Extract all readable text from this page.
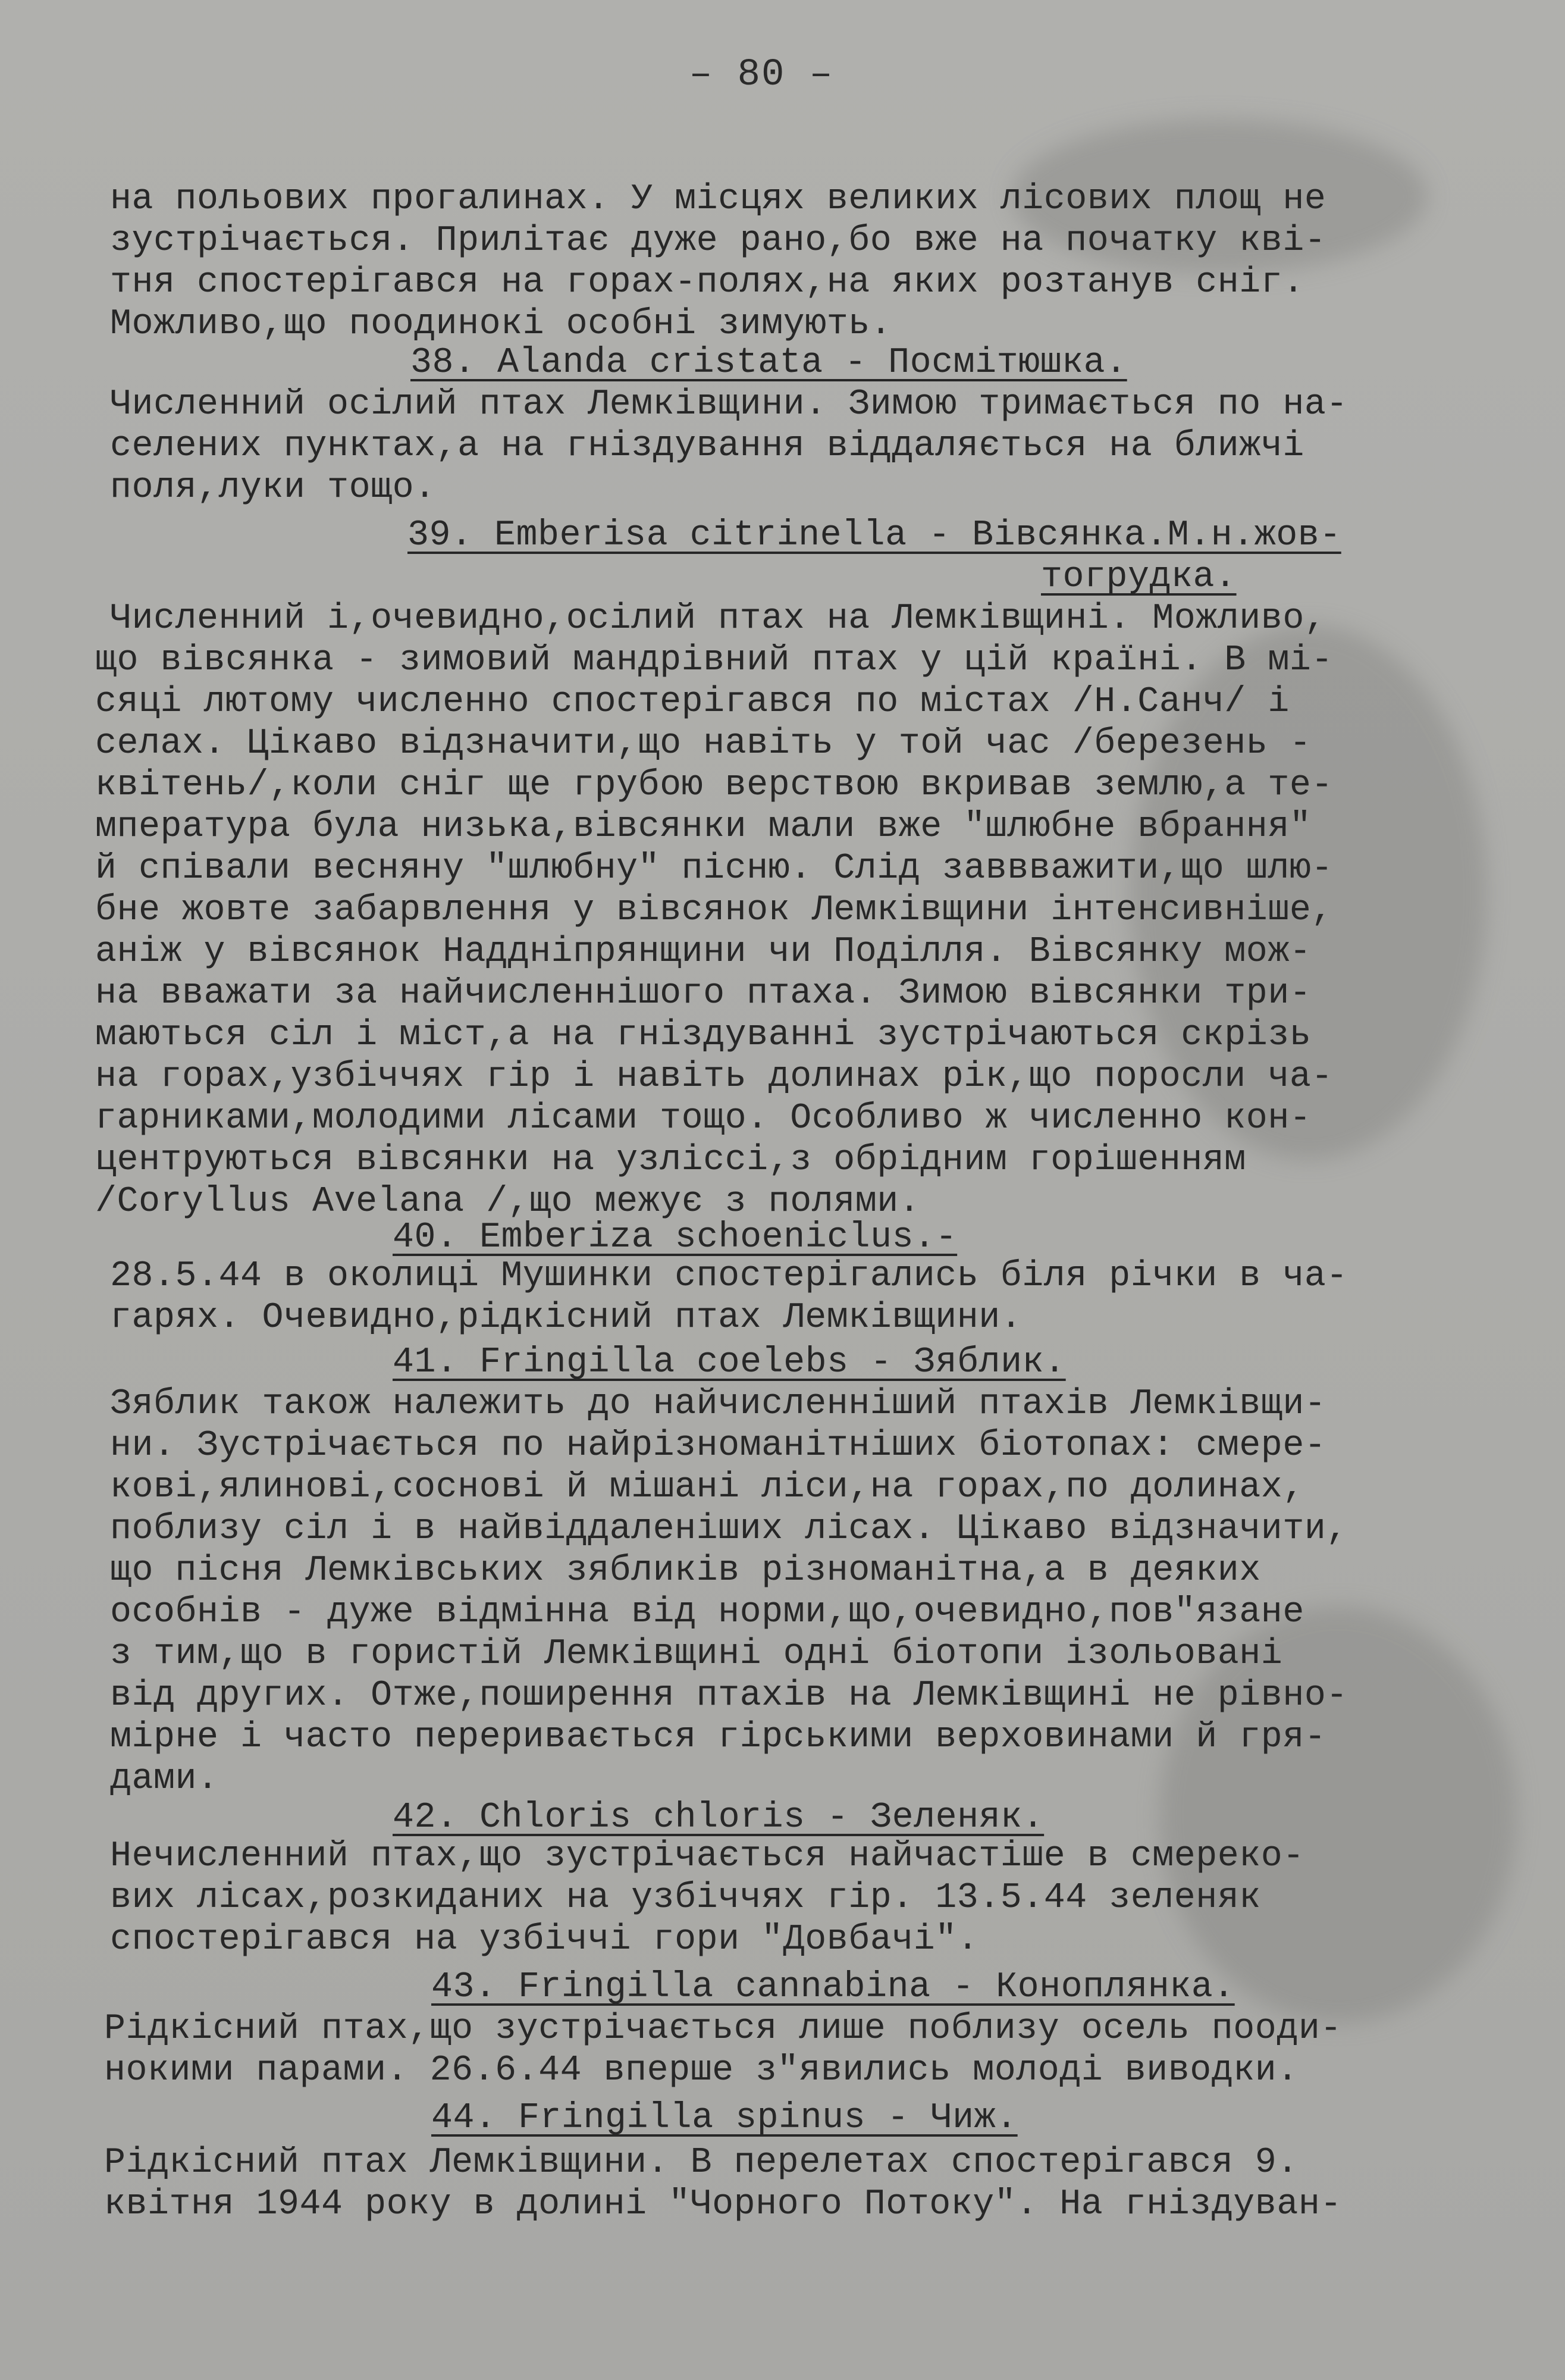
– 80 –
на польових прогалинах. У місцях великих лісових площ не
зустрічається. Прилітає дуже рано,бо вже на початку кві-
тня спостерігався на горах-полях,на яких розтанув сніг.
Можливо,що поодинокі особні зимують.
38. Alanda cristata - Посмітюшка.
Численний осілий птах Лемківщини. Зимою тримається по на-
селених пунктах,а на гніздування віддаляється на ближчі
поля,луки тощо.
39. Emberisa citrinella - Вівсянка.М.н.жов-
тогрудка.
Численний і,очевидно,осілий птах на Лемківщині. Можливо,
що вівсянка - зимовий мандрівний птах у цій країні. В мі-
сяці лютому численно спостерігався по містах /Н.Санч/ і
селах. Цікаво відзначити,що навіть у той час /березень -
квітень/,коли сніг ще грубою верствою вкривав землю,а те-
мпература була низька,вівсянки мали вже "шлюбне вбрання"
й співали весняну "шлюбну" пісню. Слід заввважити,що шлю-
бне жовте забарвлення у вівсянок Лемківщини інтенсивніше,
аніж у вівсянок Наддніпрянщини чи Поділля. Вівсянку мож-
на вважати за найчисленнішого птаха. Зимою вівсянки три-
маються сіл і міст,а на гніздуванні зустрічаються скрізь
на горах,узбіччях гір і навіть долинах рік,що поросли ча-
гарниками,молодими лісами тощо. Особливо ж численно кон-
центруються вівсянки на узліссі,з обрідним горішенням
/Corуllus Avelana /,що межує з полями.
40. Emberiza schoeniclus.-
28.5.44 в околиці Мушинки спостерігались біля річки в ча-
гарях. Очевидно,рідкісний птах Лемківщини.
41. Fringilla coelebs - Зяблик.
Зяблик також належить до найчисленніший птахів Лемківщи-
ни. Зустрічається по найрізноманітніших біотопах: смере-
кові,ялинові,соснові й мішані ліси,на горах,по долинах,
поблизу сіл і в найвіддаленіших лісах. Цікаво відзначити,
що пісня Лемківських зябликів різноманітна,а в деяких
особнів - дуже відмінна від норми,що,очевидно,пов"язане
з тим,що в гористій Лемківщині одні біотопи ізольовані
від других. Отже,поширення птахів на Лемківщині не рівно-
мірне і часто переривається гірськими верховинами й гря-
дами.
42. Chloris chloris - Зеленяк.
Нечисленний птах,що зустрічається найчастіше в смереко-
вих лісах,розкиданих на узбіччях гір. 13.5.44 зеленяк
спостерігався на узбіччі гори "Довбачі".
43. Fringilla cannabina - Коноплянка.
Рідкісний птах,що зустрічається лише поблизу осель пооди-
нокими парами. 26.6.44 вперше з"явились молоді виводки.
44. Fringilla spinus - Чиж.
Рідкісний птах Лемківщини. В перелетах спостерігався 9.
квітня 1944 року в долині "Чорного Потоку". На гніздуван-
